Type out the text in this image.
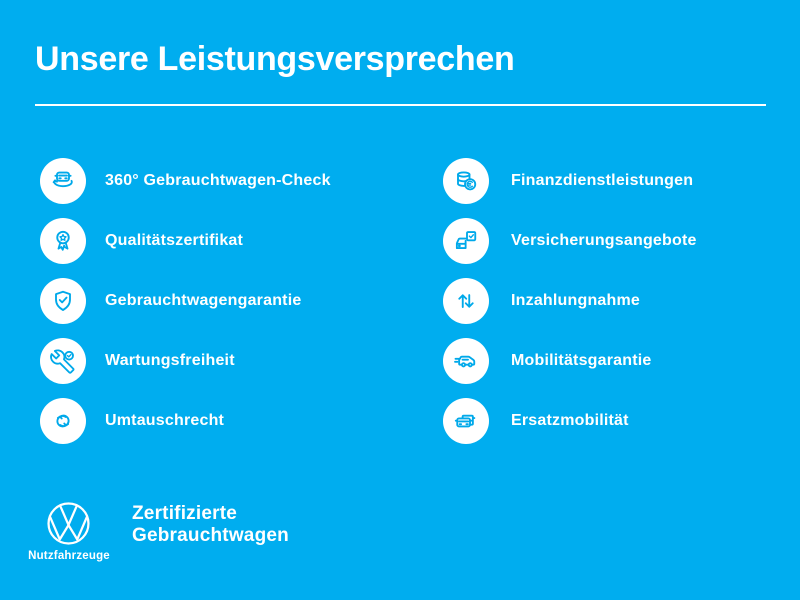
Unsere Leistungsversprechen
360° Gebrauchtwagen-Check
Qualitätszertifikat
Gebrauchtwagengarantie
Wartungsfreiheit
Umtauschrecht
Finanzdienstleistungen
Versicherungsangebote
Inzahlungnahme
Mobilitätsgarantie
Ersatzmobilität
Nutzfahrzeuge
Zertifizierte
Gebrauchtwagen
